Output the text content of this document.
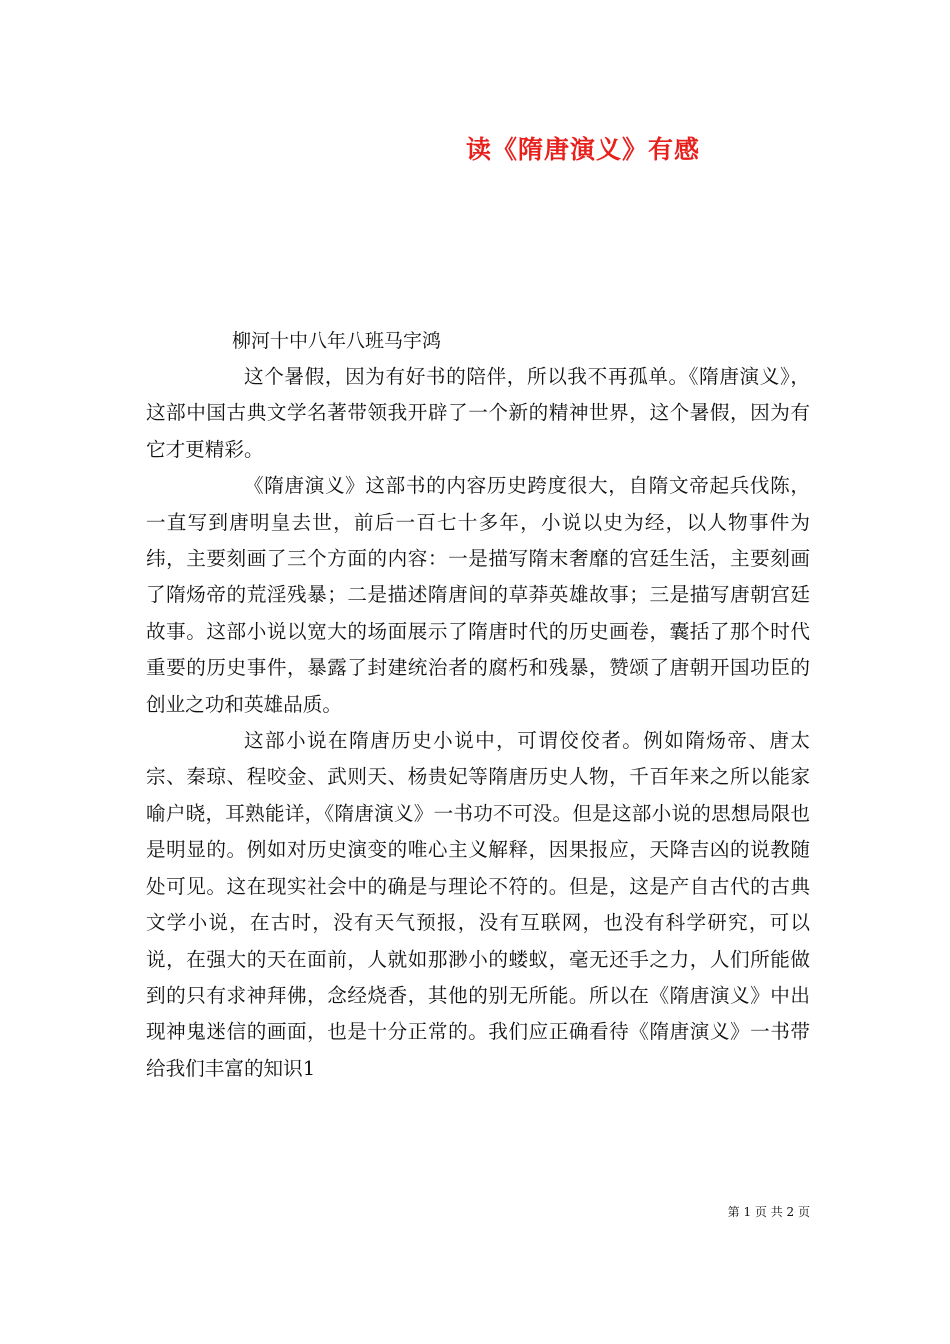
读《隋唐演义》有感

柳河十中八年八班马宇鸿

这个暑假，因为有好书的陪伴，所以我不再孤单。《隋唐演义》，这部中国古典文学名著带领我开辟了一个新的精神世界，这个暑假，因为有它才更精彩。

《隋唐演义》这部书的内容历史跨度很大，自隋文帝起兵伐陈，一直写到唐明皇去世，前后一百七十多年，小说以史为经，以人物事件为纬，主要刻画了三个方面的内容：一是描写隋末奢靡的宫廷生活，主要刻画了隋炀帝的荒淫残暴；二是描述隋唐间的草莽英雄故事；三是描写唐朝宫廷故事。这部小说以宽大的场面展示了隋唐时代的历史画卷，囊括了那个时代重要的历史事件，暴露了封建统治者的腐朽和残暴，赞颂了唐朝开国功臣的创业之功和英雄品质。

这部小说在隋唐历史小说中，可谓佼佼者。例如隋炀帝、唐太宗、秦琼、程咬金、武则天、杨贵妃等隋唐历史人物，千百年来之所以能家喻户晓，耳熟能详，《隋唐演义》一书功不可没。但是这部小说的思想局限也是明显的。例如对历史演变的唯心主义解释，因果报应，天降吉凶的说教随处可见。这在现实社会中的确是与理论不符的。但是，这是产自古代的古典文学小说，在古时，没有天气预报，没有互联网，也没有科学研究，可以说，在强大的天在面前，人就如那渺小的蝼蚁，毫无还手之力，人们所能做到的只有求神拜佛，念经烧香，其他的别无所能。所以在《隋唐演义》中出现神鬼迷信的画面，也是十分正常的。我们应正确看待《隋唐演义》一书带给我们丰富的知识1

第 1 页 共 2 页
